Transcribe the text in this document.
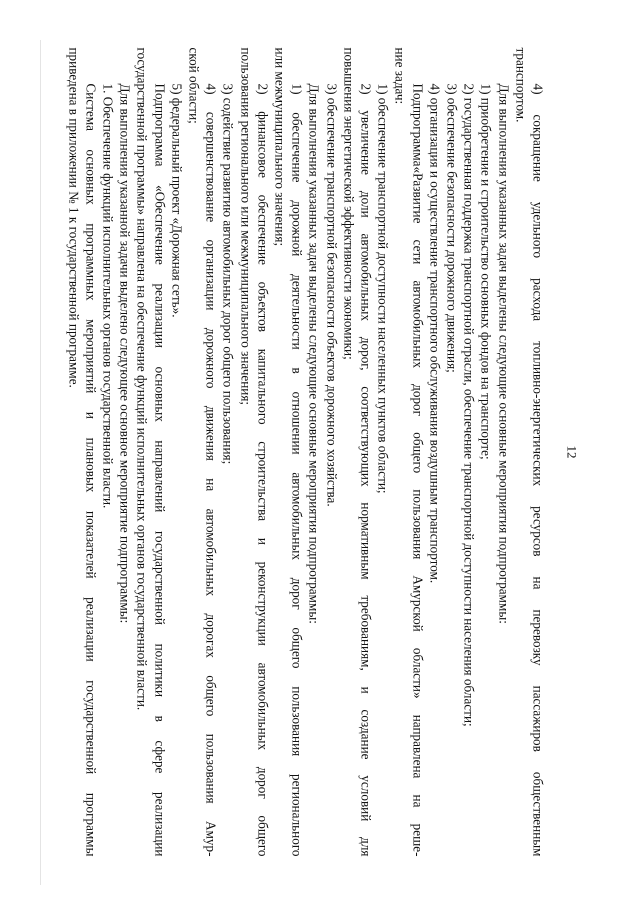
12
4) сокращение удельного расхода топливно-энергетических ресурсов на перевозку пассажиров общественным
транспортом.
Для выполнения указанных задач выделены следующие основные мероприятия подпрограммы:
1) приобретение и строительство основных фондов на транспорте;
2) государственная поддержка транспортной отрасли, обеспечение транспортной доступности населения области;
3) обеспечение безопасности дорожного движения;
4) организация и осуществление транспортного обслуживания воздушным транспортом.
Подпрограмма«Развитие сети автомобильных дорог общего пользования Амурской области» направлена на реше-
ние задач:
1) обеспечение транспортной доступности населенных пунктов области;
2) увеличение доли автомобильных дорог, соответствующих нормативным требованиям, и создание условий для
повышения энергетической эффективности экономики;
3) обеспечение транспортной безопасности объектов дорожного хозяйства.
Для выполнения указанных задач выделены следующие основные мероприятия подпрограммы:
1) обеспечение дорожной деятельности в отношении автомобильных дорог общего пользования регионального
или межмуниципального значения;
2) финансовое обеспечение объектов капитального строительства и реконструкции автомобильных дорог общего
пользования регионального или межмуниципального значения;
3) содействие развитию автомобильных дорог общего пользования;
4) совершенствование организации дорожного движения на автомобильных дорогах общего пользования Амур-
ской области;
5) федеральный проект «Дорожная сеть».
Подпрограмма «Обеспечение реализации основных направлений государственной политики в сфере реализации
государственной программы» направлена на обеспечение функций исполнительных органов государственной власти.
Для выполнения указанной задачи выделено следующее основное мероприятие подпрограммы:
1. Обеспечение функций исполнительных органов государственной власти.
Система основных программных мероприятий и плановых показателей реализации государственной программы
приведена в приложении № 1 к государственной программе.
